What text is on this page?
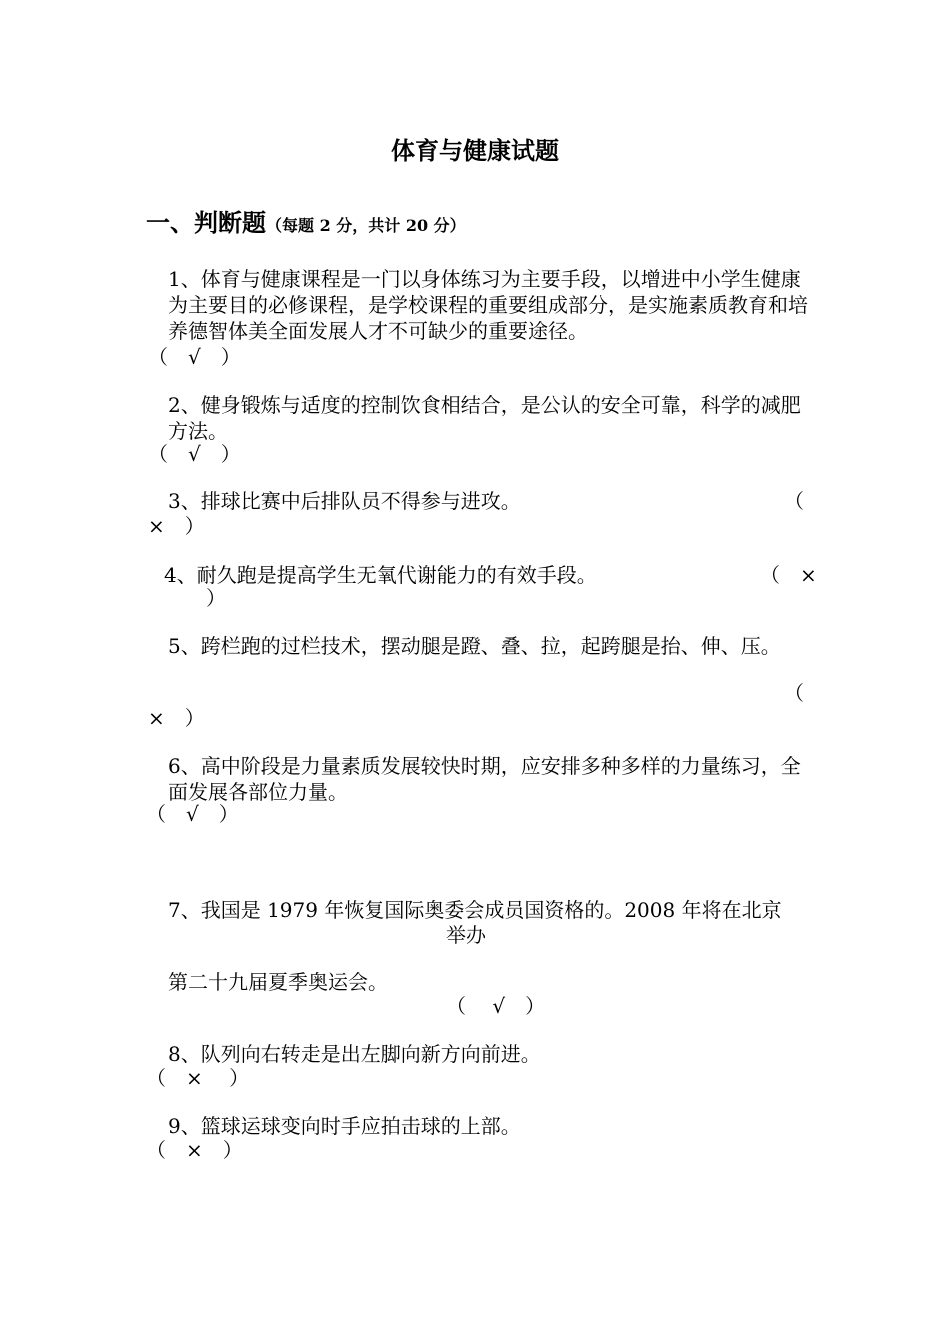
体育与健康试题
一、判断题（每题 2 分，共计 20 分）
1、体育与健康课程是一门以身体练习为主要手段，以增进中小学生健康为主要目的必修课程，是学校课程的重要组成部分，是实施素质教育和培养德智体美全面发展人才不可缺少的重要途径。
（　√　）
2、健身锻炼与适度的控制饮食相结合，是公认的安全可靠，科学的减肥方法。
（　√　）
3、排球比赛中后排队员不得参与进攻。	（
×　）
4、耐久跑是提高学生无氧代谢能力的有效手段。	（　×
）
5、跨栏跑的过栏技术，摆动腿是蹬、叠、拉，起跨腿是抬、伸、压。
（
×　）
6、高中阶段是力量素质发展较快时期，应安排多种多样的力量练习，全面发展各部位力量。
（　√　）
7、我国是 1979 年恢复国际奥委会成员国资格的。2008 年将在北京
举办
第二十九届夏季奥运会。
（　 √　）
8、队列向右转走是出左脚向新方向前进。
（　×　 ）
9、篮球运球变向时手应拍击球的上部。
（　×　）
